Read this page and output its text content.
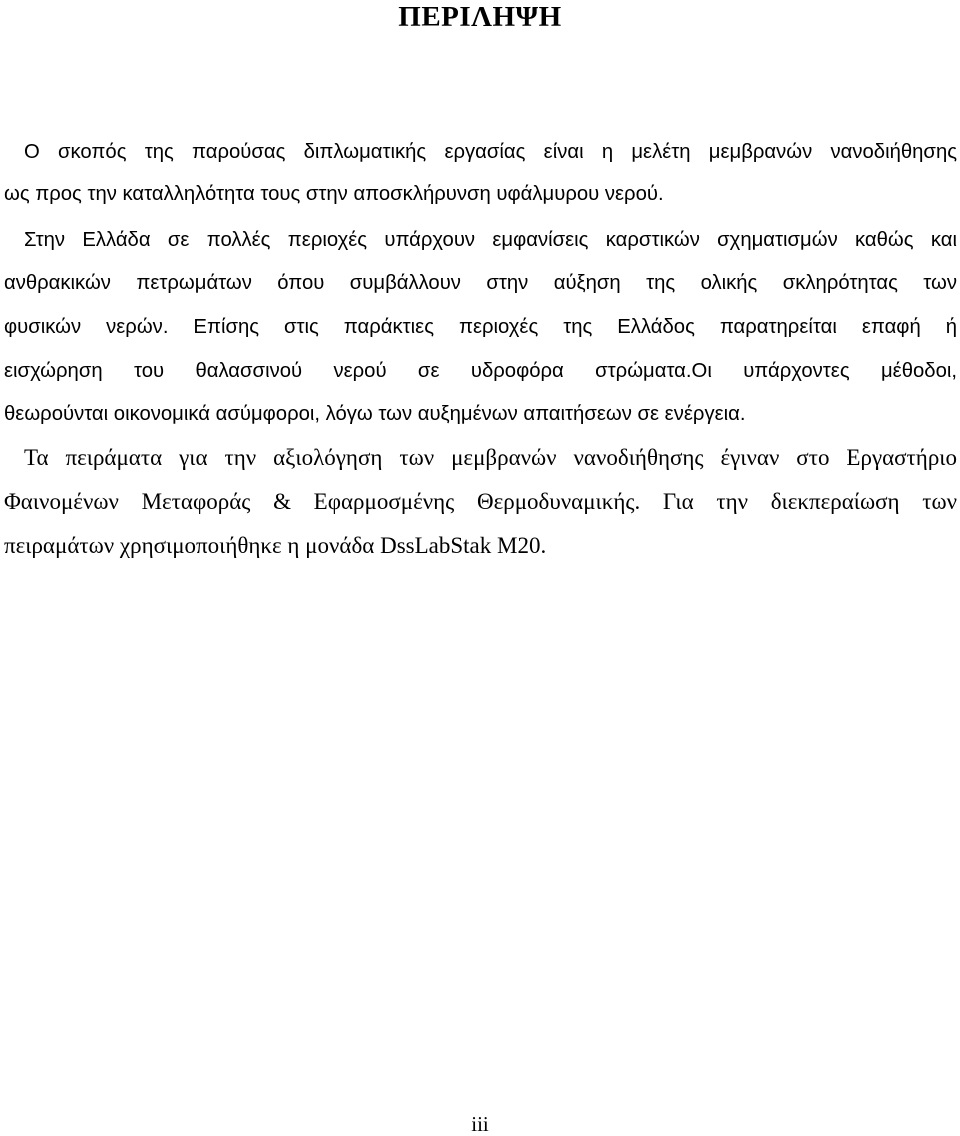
ΠΕΡΙΛΗΨΗ
Ο σκοπός της παρούσας διπλωματικής εργασίας είναι η μελέτη μεμβρανών νανοδιήθησης
ως προς την καταλληλότητα τους στην αποσκλήρυνση υφάλμυρου νερού.
Στην Ελλάδα σε πολλές περιοχές υπάρχουν εμφανίσεις καρστικών σχηματισμών καθώς και
ανθρακικών πετρωμάτων όπου συμβάλλουν στην αύξηση της ολικής σκληρότητας των
φυσικών νερών. Επίσης στις παράκτιες περιοχές της Ελλάδος παρατηρείται επαφή ή
εισχώρηση του θαλασσινού νερού σε υδροφόρα στρώματα.Οι υπάρχοντες μέθοδοι,
θεωρούνται οικονομικά ασύμφοροι, λόγω των αυξημένων απαιτήσεων σε ενέργεια.
Τα πειράματα για την αξιολόγηση των μεμβρανών νανοδιήθησης έγιναν στο Εργαστήριο
Φαινομένων Μεταφοράς & Εφαρμοσμένης Θερμοδυναμικής. Για την διεκπεραίωση των
πειραμάτων χρησιμοποιήθηκε η μονάδα DssLabStak M20.
iii
